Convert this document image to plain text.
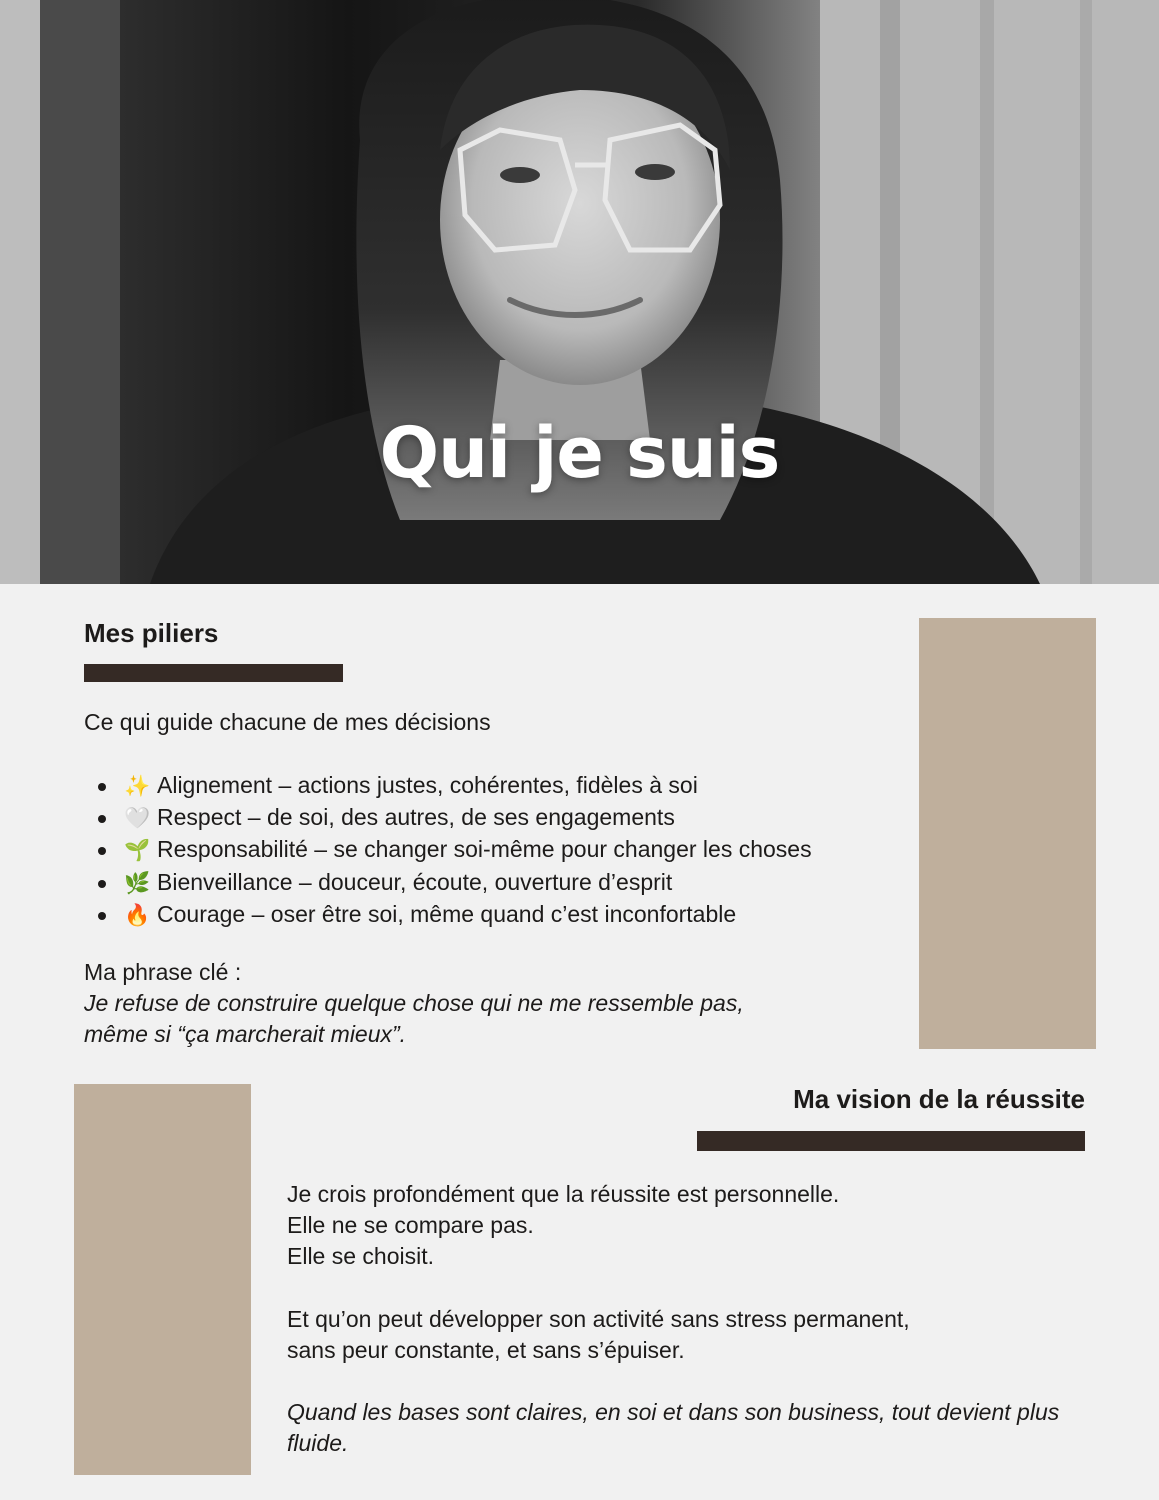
Qui je suis
Mes piliers
Ce qui guide chacune de mes décisions
✨ Alignement – actions justes, cohérentes, fidèles à soi
🤍 Respect – de soi, des autres, de ses engagements
🌱 Responsabilité – se changer soi-même pour changer les choses
🌿 Bienveillance – douceur, écoute, ouverture d’esprit
🔥 Courage – oser être soi, même quand c’est inconfortable
Ma phrase clé :
Je refuse de construire quelque chose qui ne me ressemble pas,
même si “ça marcherait mieux”.
Ma vision de la réussite
Je crois profondément que la réussite est personnelle.
Elle ne se compare pas.
Elle se choisit.
Et qu’on peut développer son activité sans stress permanent,
sans peur constante, et sans s’épuiser.
Quand les bases sont claires, en soi et dans son business, tout devient plus
fluide.
